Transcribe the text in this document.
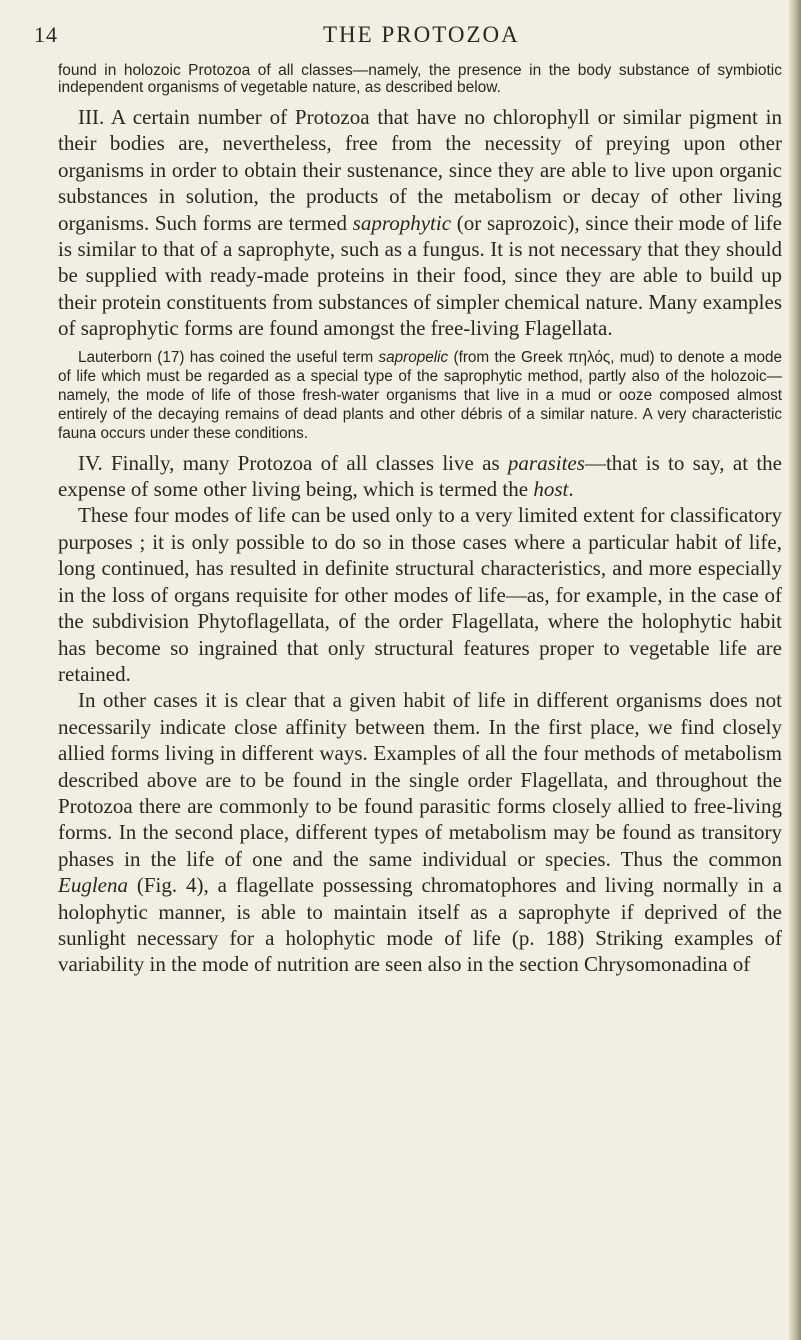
14	THE PROTOZOA

found in holozoic Protozoa of all classes—namely, the presence in the body substance of symbiotic independent organisms of vegetable nature, as described below.

III. A certain number of Protozoa that have no chlorophyll or similar pigment in their bodies are, nevertheless, free from the necessity of preying upon other organisms in order to obtain their sustenance, since they are able to live upon organic substances in solution, the products of the metabolism or decay of other living organisms. Such forms are termed saprophytic (or saprozoic), since their mode of life is similar to that of a saprophyte, such as a fungus. It is not necessary that they should be supplied with ready-made proteins in their food, since they are able to build up their protein constituents from substances of simpler chemical nature. Many examples of saprophytic forms are found amongst the free-living Flagellata.

Lauterborn (17) has coined the useful term sapropelic (from the Greek πηλός, mud) to denote a mode of life which must be regarded as a special type of the saprophytic method, partly also of the holozoic—namely, the mode of life of those fresh-water organisms that live in a mud or ooze composed almost entirely of the decaying remains of dead plants and other débris of a similar nature. A very characteristic fauna occurs under these conditions.

IV. Finally, many Protozoa of all classes live as parasites—that is to say, at the expense of some other living being, which is termed the host.

These four modes of life can be used only to a very limited extent for classificatory purposes ; it is only possible to do so in those cases where a particular habit of life, long continued, has resulted in definite structural characteristics, and more especially in the loss of organs requisite for other modes of life—as, for example, in the case of the subdivision Phytoflagellata, of the order Flagellata, where the holophytic habit has become so ingrained that only structural features proper to vegetable life are retained.

In other cases it is clear that a given habit of life in different organisms does not necessarily indicate close affinity between them. In the first place, we find closely allied forms living in different ways. Examples of all the four methods of metabolism described above are to be found in the single order Flagellata, and throughout the Protozoa there are commonly to be found parasitic forms closely allied to free-living forms. In the second place, different types of metabolism may be found as transitory phases in the life of one and the same individual or species. Thus the common Euglena (Fig. 4), a flagellate possessing chromatophores and living normally in a holophytic manner, is able to maintain itself as a saprophyte if deprived of the sunlight necessary for a holophytic mode of life (p. 188) Striking examples of variability in the mode of nutrition are seen also in the section Chrysomonadina of
